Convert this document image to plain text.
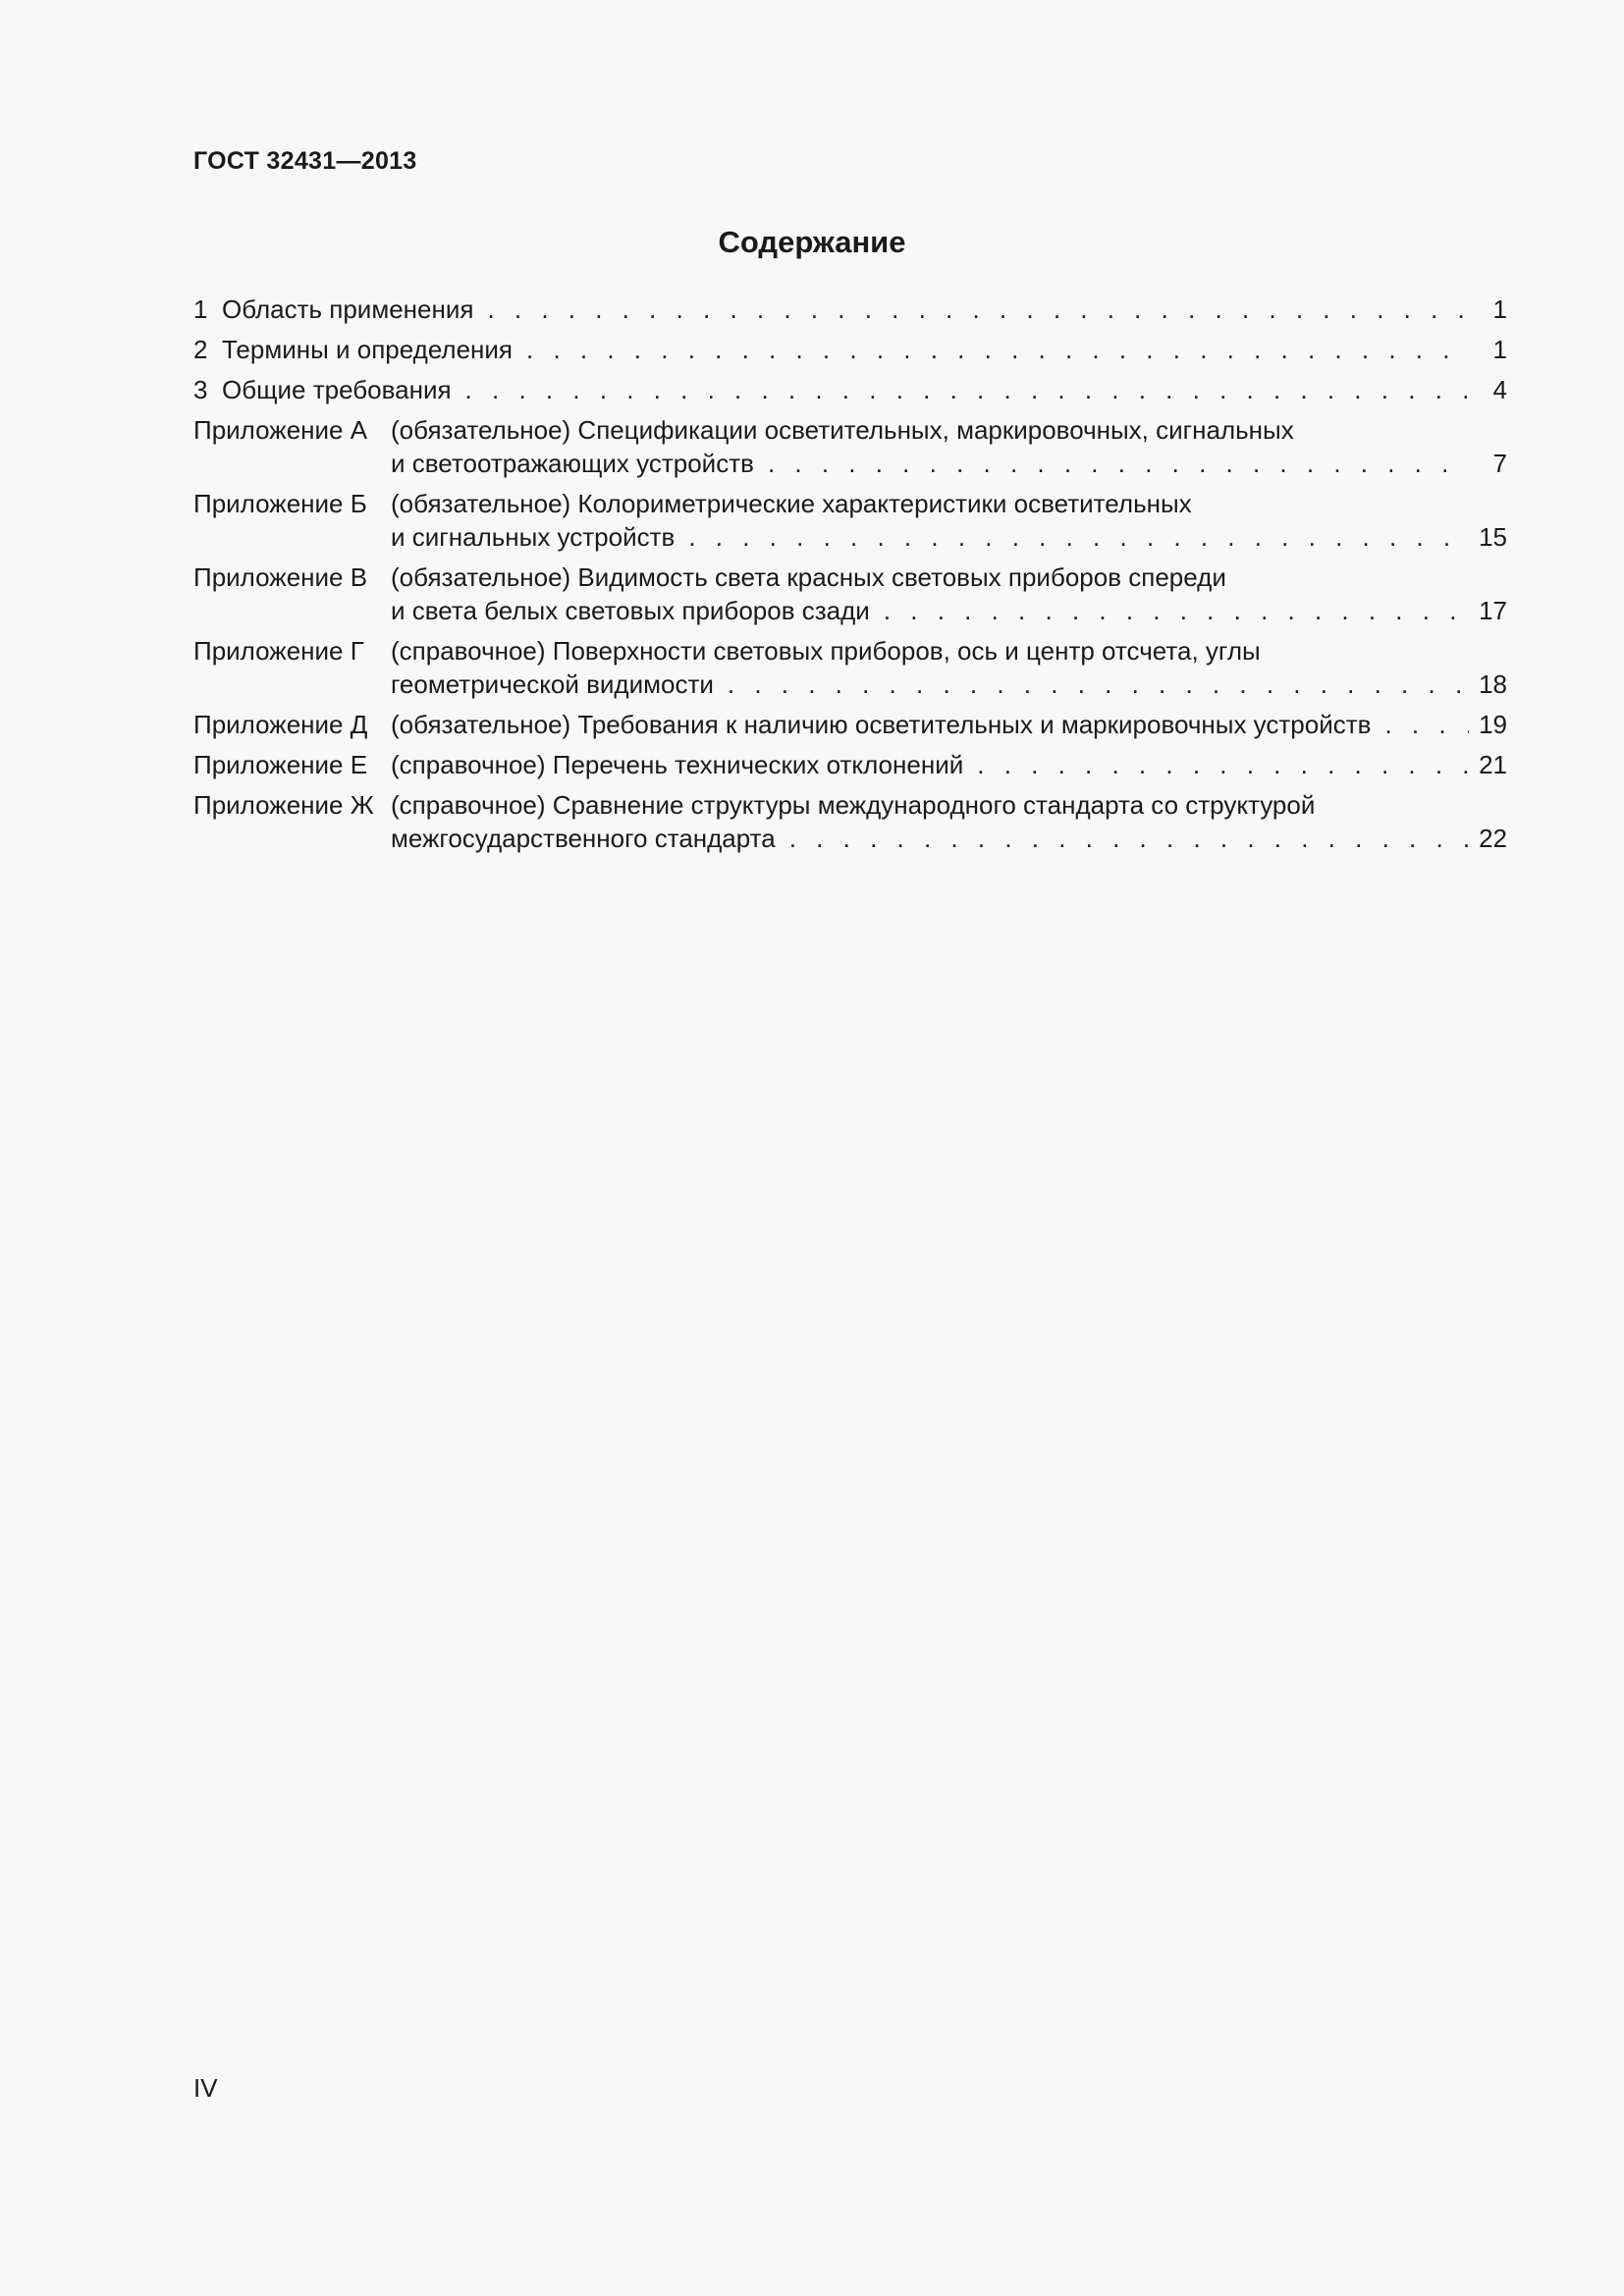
ГОСТ 32431—2013
Содержание
1 Область применения . . .	1
2 Термины и определения . . .	1
3 Общие требования . . .	4
Приложение А (обязательное) Спецификации осветительных, маркировочных, сигнальных
и светоотражающих устройств . . .	7
Приложение Б (обязательное) Колориметрические характеристики осветительных
и сигнальных устройств . . .	15
Приложение В (обязательное) Видимость света красных световых приборов спереди
и света белых световых приборов сзади . . .	17
Приложение Г	(справочное) Поверхности световых приборов, ось и центр отсчета, углы
геометрической видимости . . .	18
Приложение Д (обязательное) Требования к наличию осветительных и маркировочных устройств . . .	19
Приложение Е (справочное) Перечень технических отклонений . . .	21
Приложение Ж (справочное) Сравнение структуры международного стандарта со структурой
межгосударственного стандарта . . .	22
IV
